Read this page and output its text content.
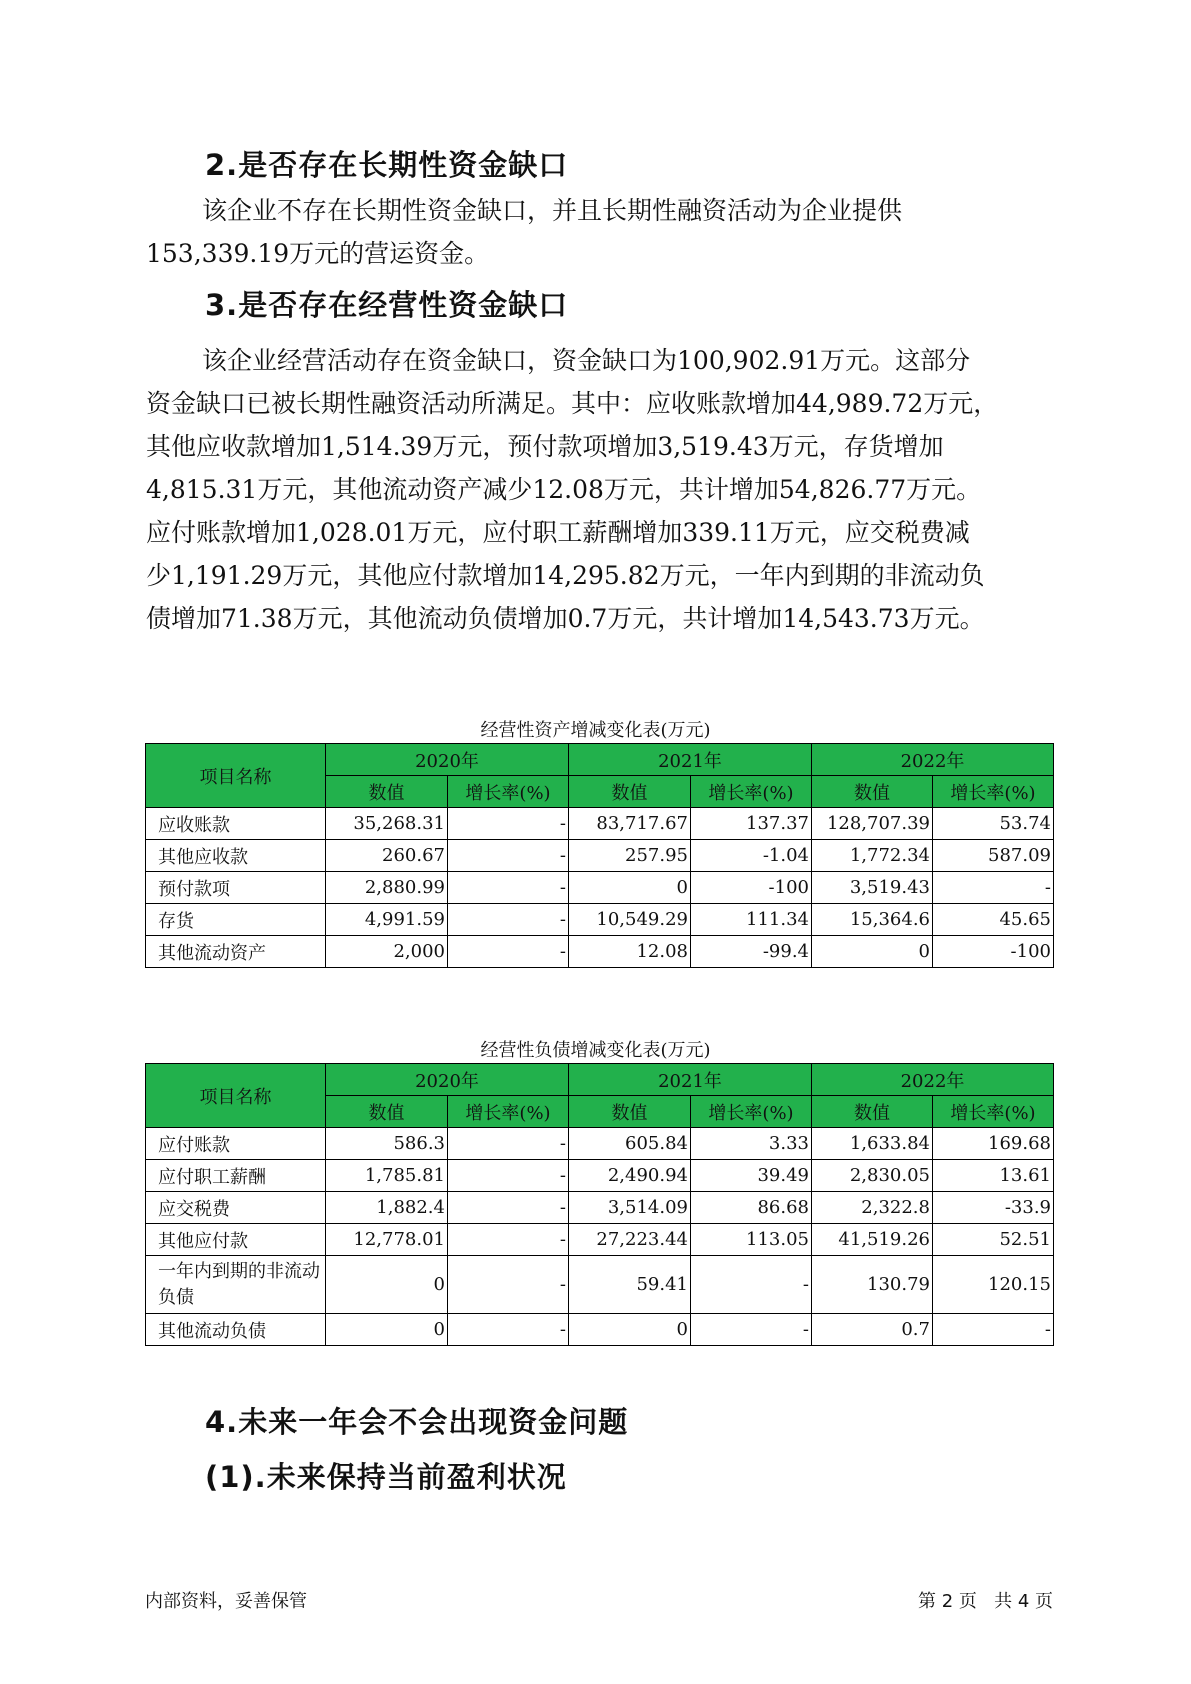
2.是否存在长期性资金缺口
该企业不存在长期性资金缺口，并且长期性融资活动为企业提供
153,339.19万元的营运资金。
3.是否存在经营性资金缺口
该企业经营活动存在资金缺口，资金缺口为100,902.91万元。这部分
资金缺口已被长期性融资活动所满足。其中：应收账款增加44,989.72万元，
其他应收款增加1,514.39万元，预付款项增加3,519.43万元，存货增加
4,815.31万元，其他流动资产减少12.08万元，共计增加54,826.77万元。
应付账款增加1,028.01万元，应付职工薪酬增加339.11万元，应交税费减
少1,191.29万元，其他应付款增加14,295.82万元，一年内到期的非流动负
债增加71.38万元，其他流动负债增加0.7万元，共计增加14,543.73万元。
经营性资产增减变化表(万元)
项目名称	2020年		2021年		2022年	
	数值	增长率(%)	数值	增长率(%)	数值	增长率(%)
应收账款	35,268.31	-	83,717.67	137.37	128,707.39	53.74
其他应收款	260.67	-	257.95	-1.04	1,772.34	587.09
预付款项	2,880.99	-	0	-100	3,519.43	-
存货	4,991.59	-	10,549.29	111.34	15,364.6	45.65
其他流动资产	2,000	-	12.08	-99.4	0	-100
经营性负债增减变化表(万元)
项目名称	2020年		2021年		2022年	
	数值	增长率(%)	数值	增长率(%)	数值	增长率(%)
应付账款	586.3	-	605.84	3.33	1,633.84	169.68
应付职工薪酬	1,785.81	-	2,490.94	39.49	2,830.05	13.61
应交税费	1,882.4	-	3,514.09	86.68	2,322.8	-33.9
其他应付款	12,778.01	-	27,223.44	113.05	41,519.26	52.51
一年内到期的非流动负债	0	-	59.41	-	130.79	120.15
其他流动负债	0	-	0	-	0.7	-
4.未来一年会不会出现资金问题
(1).未来保持当前盈利状况
内部资料，妥善保管	第 2 页   共 4 页
